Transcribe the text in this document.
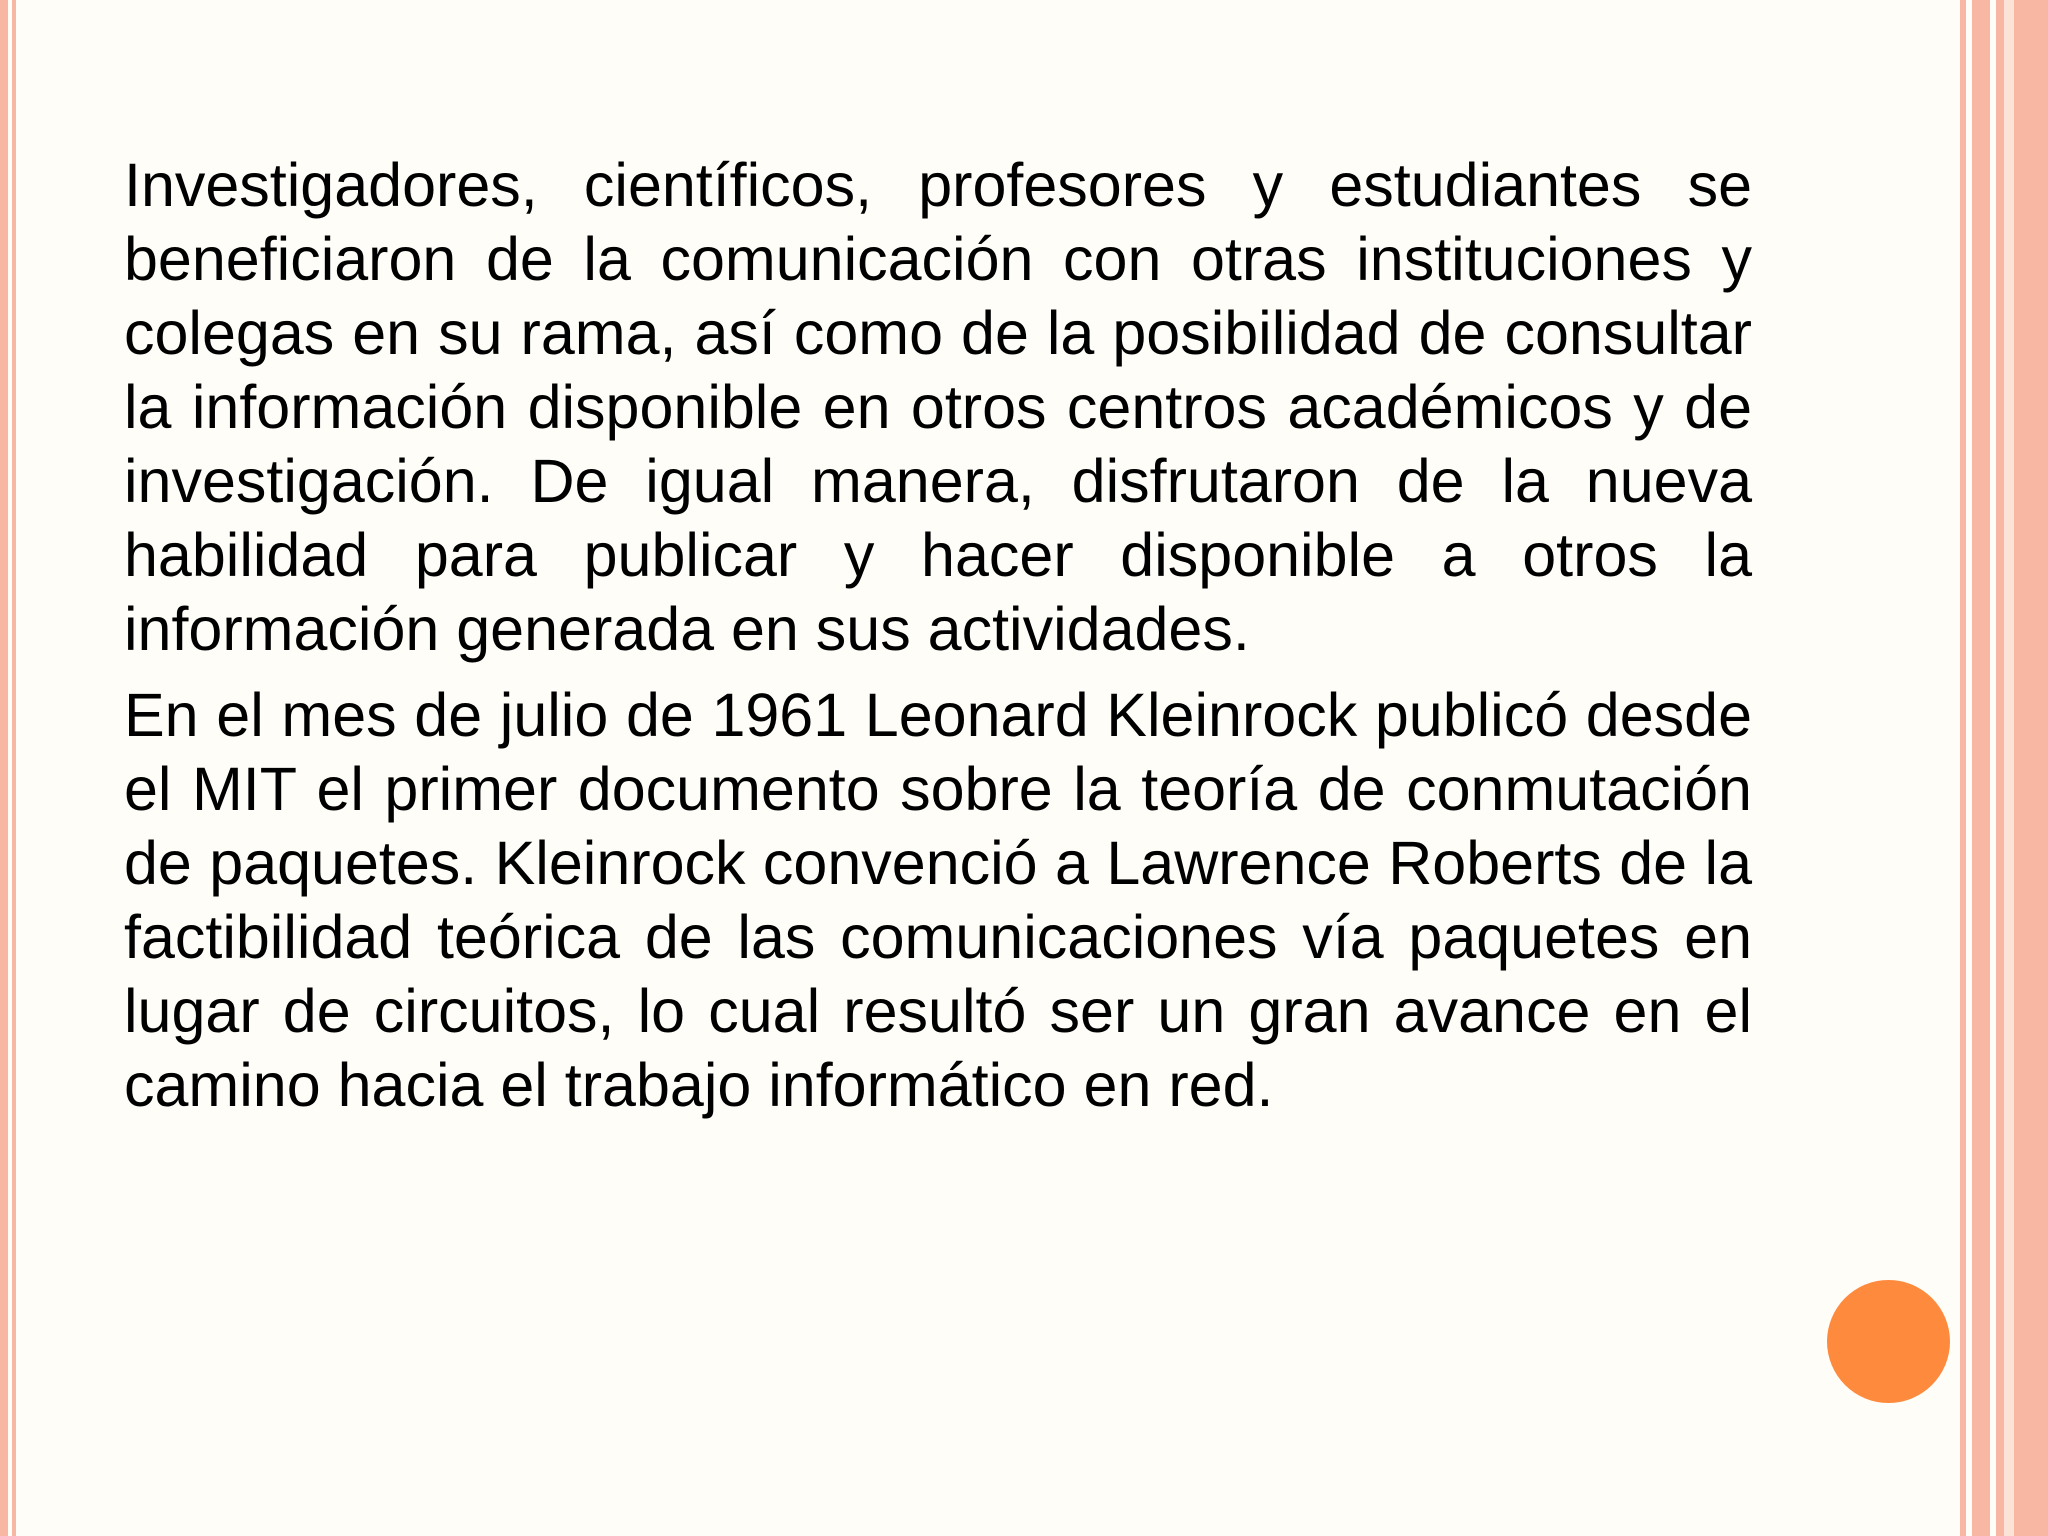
Investigadores, científicos, profesores y estudiantes se beneficiaron de la comunicación con otras instituciones y colegas en su rama, así como de la posibilidad de consultar la información disponible en otros centros académicos y de investigación. De igual manera, disfrutaron de la nueva habilidad para publicar y hacer disponible a otros la información generada en sus actividades.

En el mes de julio de 1961 Leonard Kleinrock publicó desde el MIT el primer documento sobre la teoría de conmutación de paquetes. Kleinrock convenció a Lawrence Roberts de la factibilidad teórica de las comunicaciones vía paquetes en lugar de circuitos, lo cual resultó ser un gran avance en el camino hacia el trabajo informático en red.
